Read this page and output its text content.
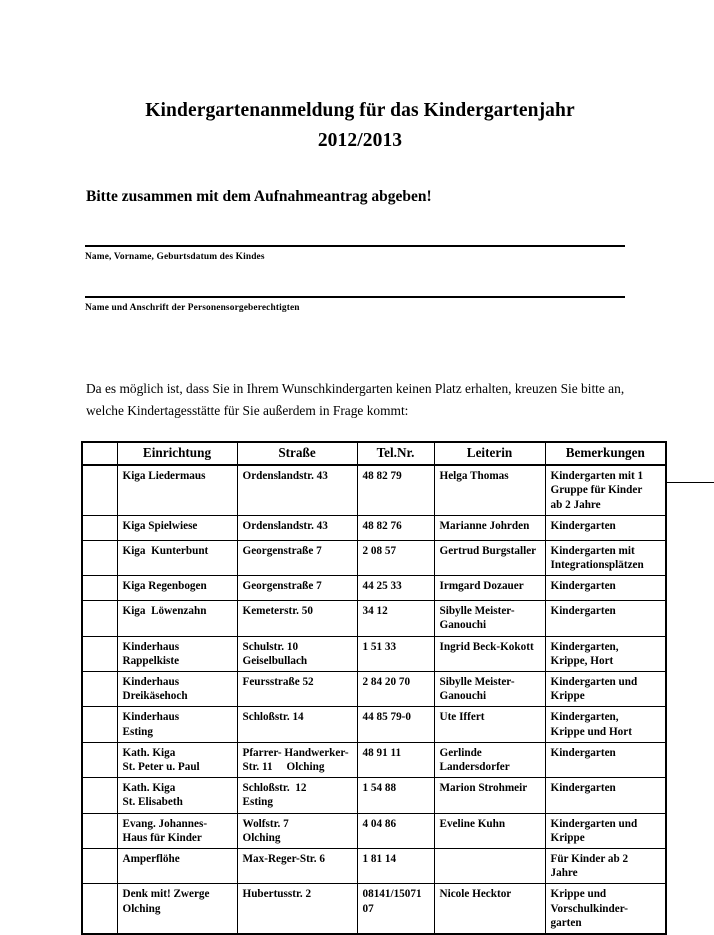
Kindergartenanmeldung für das Kindergartenjahr
2012/2013
Bitte zusammen mit dem Aufnahmeantrag abgeben!
Name, Vorname, Geburtsdatum des Kindes
Name und Anschrift der Personensorgeberechtigten

Da es möglich ist, dass Sie in Ihrem Wunschkindergarten keinen Platz erhalten, kreuzen Sie bitte an, welche Kindertagesstätte für Sie außerdem in Frage kommt:

	Einrichtung	Straße	Tel.Nr.	Leiterin	Bemerkungen

	Kiga Liedermaus	Ordenslandstr. 43	48 82 79	Helga Thomas	Kindergarten mit 1
Gruppe für Kinder
ab 2 Jahre

	Kiga Spielwiese	Ordenslandstr. 43	48 82 76	Marianne Johrden	Kindergarten

	Kiga  Kunterbunt	Georgenstraße 7	2 08 57	Gertrud Burgstaller	Kindergarten mit
Integrationsplätzen

	Kiga Regenbogen	Georgenstraße 7	44 25 33	Irmgard Dozauer	Kindergarten

	Kiga  Löwenzahn	Kemeterstr. 50	34 12	Sibylle Meister-
Ganouchi	Kindergarten

	Kinderhaus
Rappelkiste	Schulstr. 10
Geiselbullach	1 51 33	Ingrid Beck-Kokott	Kindergarten,
Krippe, Hort

	Kinderhaus
Dreikäsehoch	Feursstraße 52	2 84 20 70	Sibylle Meister-
Ganouchi	Kindergarten und
Krippe

	Kinderhaus
Esting	Schloßstr. 14	44 85 79-0	Ute Iffert	Kindergarten,
Krippe und Hort

	Kath. Kiga
St. Peter u. Paul	Pfarrer- Handwerker-
Str. 11     Olching	48 91 11	Gerlinde
Landersdorfer	Kindergarten

	Kath. Kiga
St. Elisabeth	Schloßstr.  12
Esting	1 54 88	Marion Strohmeir	Kindergarten

	Evang. Johannes-
Haus für Kinder	Wolfstr. 7
Olching	4 04 86	Eveline Kuhn	Kindergarten und
Krippe

	Amperflöhe	Max-Reger-Str. 6	1 81 14		Für Kinder ab 2
Jahre

	Denk mit! Zwerge
Olching	Hubertusstr. 2	08141/15071
07	Nicole Hecktor	Krippe und
Vorschulkinder-
garten
